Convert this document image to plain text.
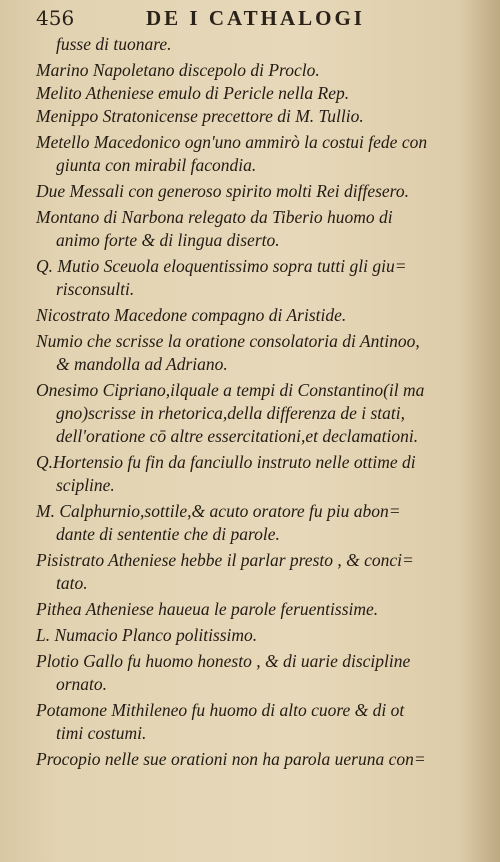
456	DE I CATHALOGI
fusse di tuonare.
Marino Napoletano discepolo di Proclo.
Melito Atheniese emulo di Pericle nella Rep.
Menippo Stratonicense precettore di M. Tullio.
Metello Macedonico ogn'uno ammirò la costui fede con
giunta con mirabil facondia.
Due Messali con generoso spirito molti Rei diffesero.
Montano di Narbona relegato da Tiberio huomo di
animo forte & di lingua diserto.
Q. Mutio Sceuola eloquentissimo sopra tutti gli giu=
risconsulti.
Nicostrato Macedone compagno di Aristide.
Numio che scrisse la oratione consolatoria di Antinoo,
& mandolla ad Adriano.
Onesimo Cipriano,ilquale a tempi di Constantino(il ma
gno)scrisse in rhetorica,della differenza de i stati,
dell'oratione cō altre essercitationi,et declamationi.
Q.Hortensio fu fin da fanciullo instruto nelle ottime di
scipline.
M. Calphurnio,sottile,& acuto oratore fu piu abon=
dante di sententie che di parole.
Pisistrato Atheniese hebbe il parlar presto , & conci=
tato.
Pithea Atheniese haueua le parole feruentissime.
L. Numacio Planco politissimo.
Plotio Gallo fu huomo honesto , & di uarie discipline
ornato.
Potamone Mithileneo fu huomo di alto cuore & di ot
timi costumi.
Procopio nelle sue orationi non ha parola ueruna con=
